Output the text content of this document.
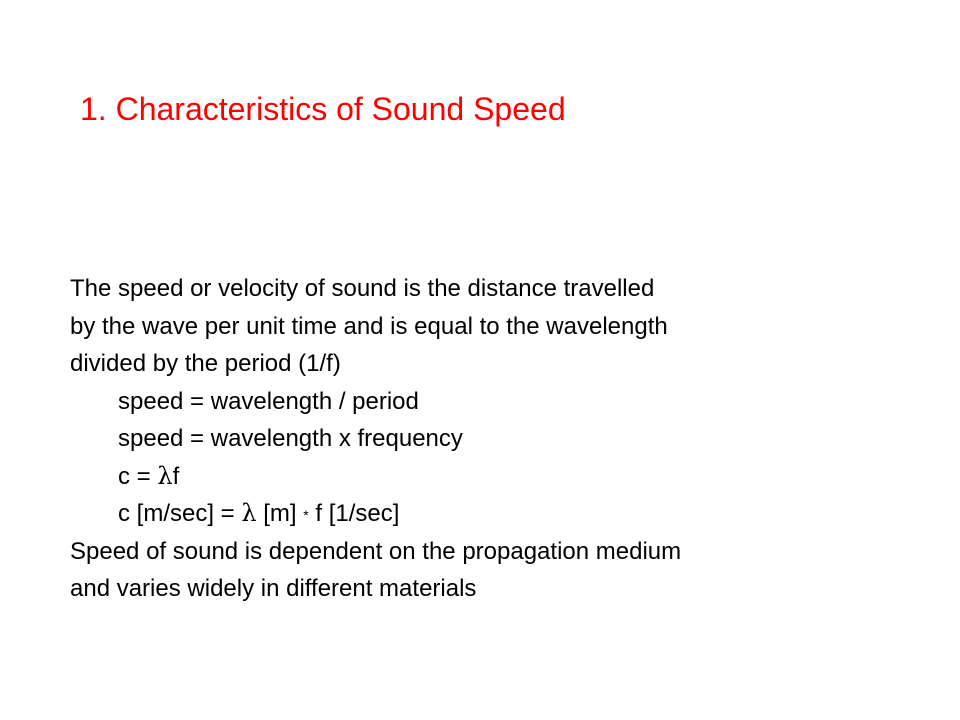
1. Characteristics of Sound Speed

The speed or velocity of sound is the distance travelled

by the wave per unit time and is equal to the wavelength

divided by the period (1/f)

speed = wavelength / period

speed = wavelength x frequency

c = λf

c [m/sec] = λ [m] * f [1/sec]

Speed of sound is dependent on the propagation medium

and varies widely in different materials
